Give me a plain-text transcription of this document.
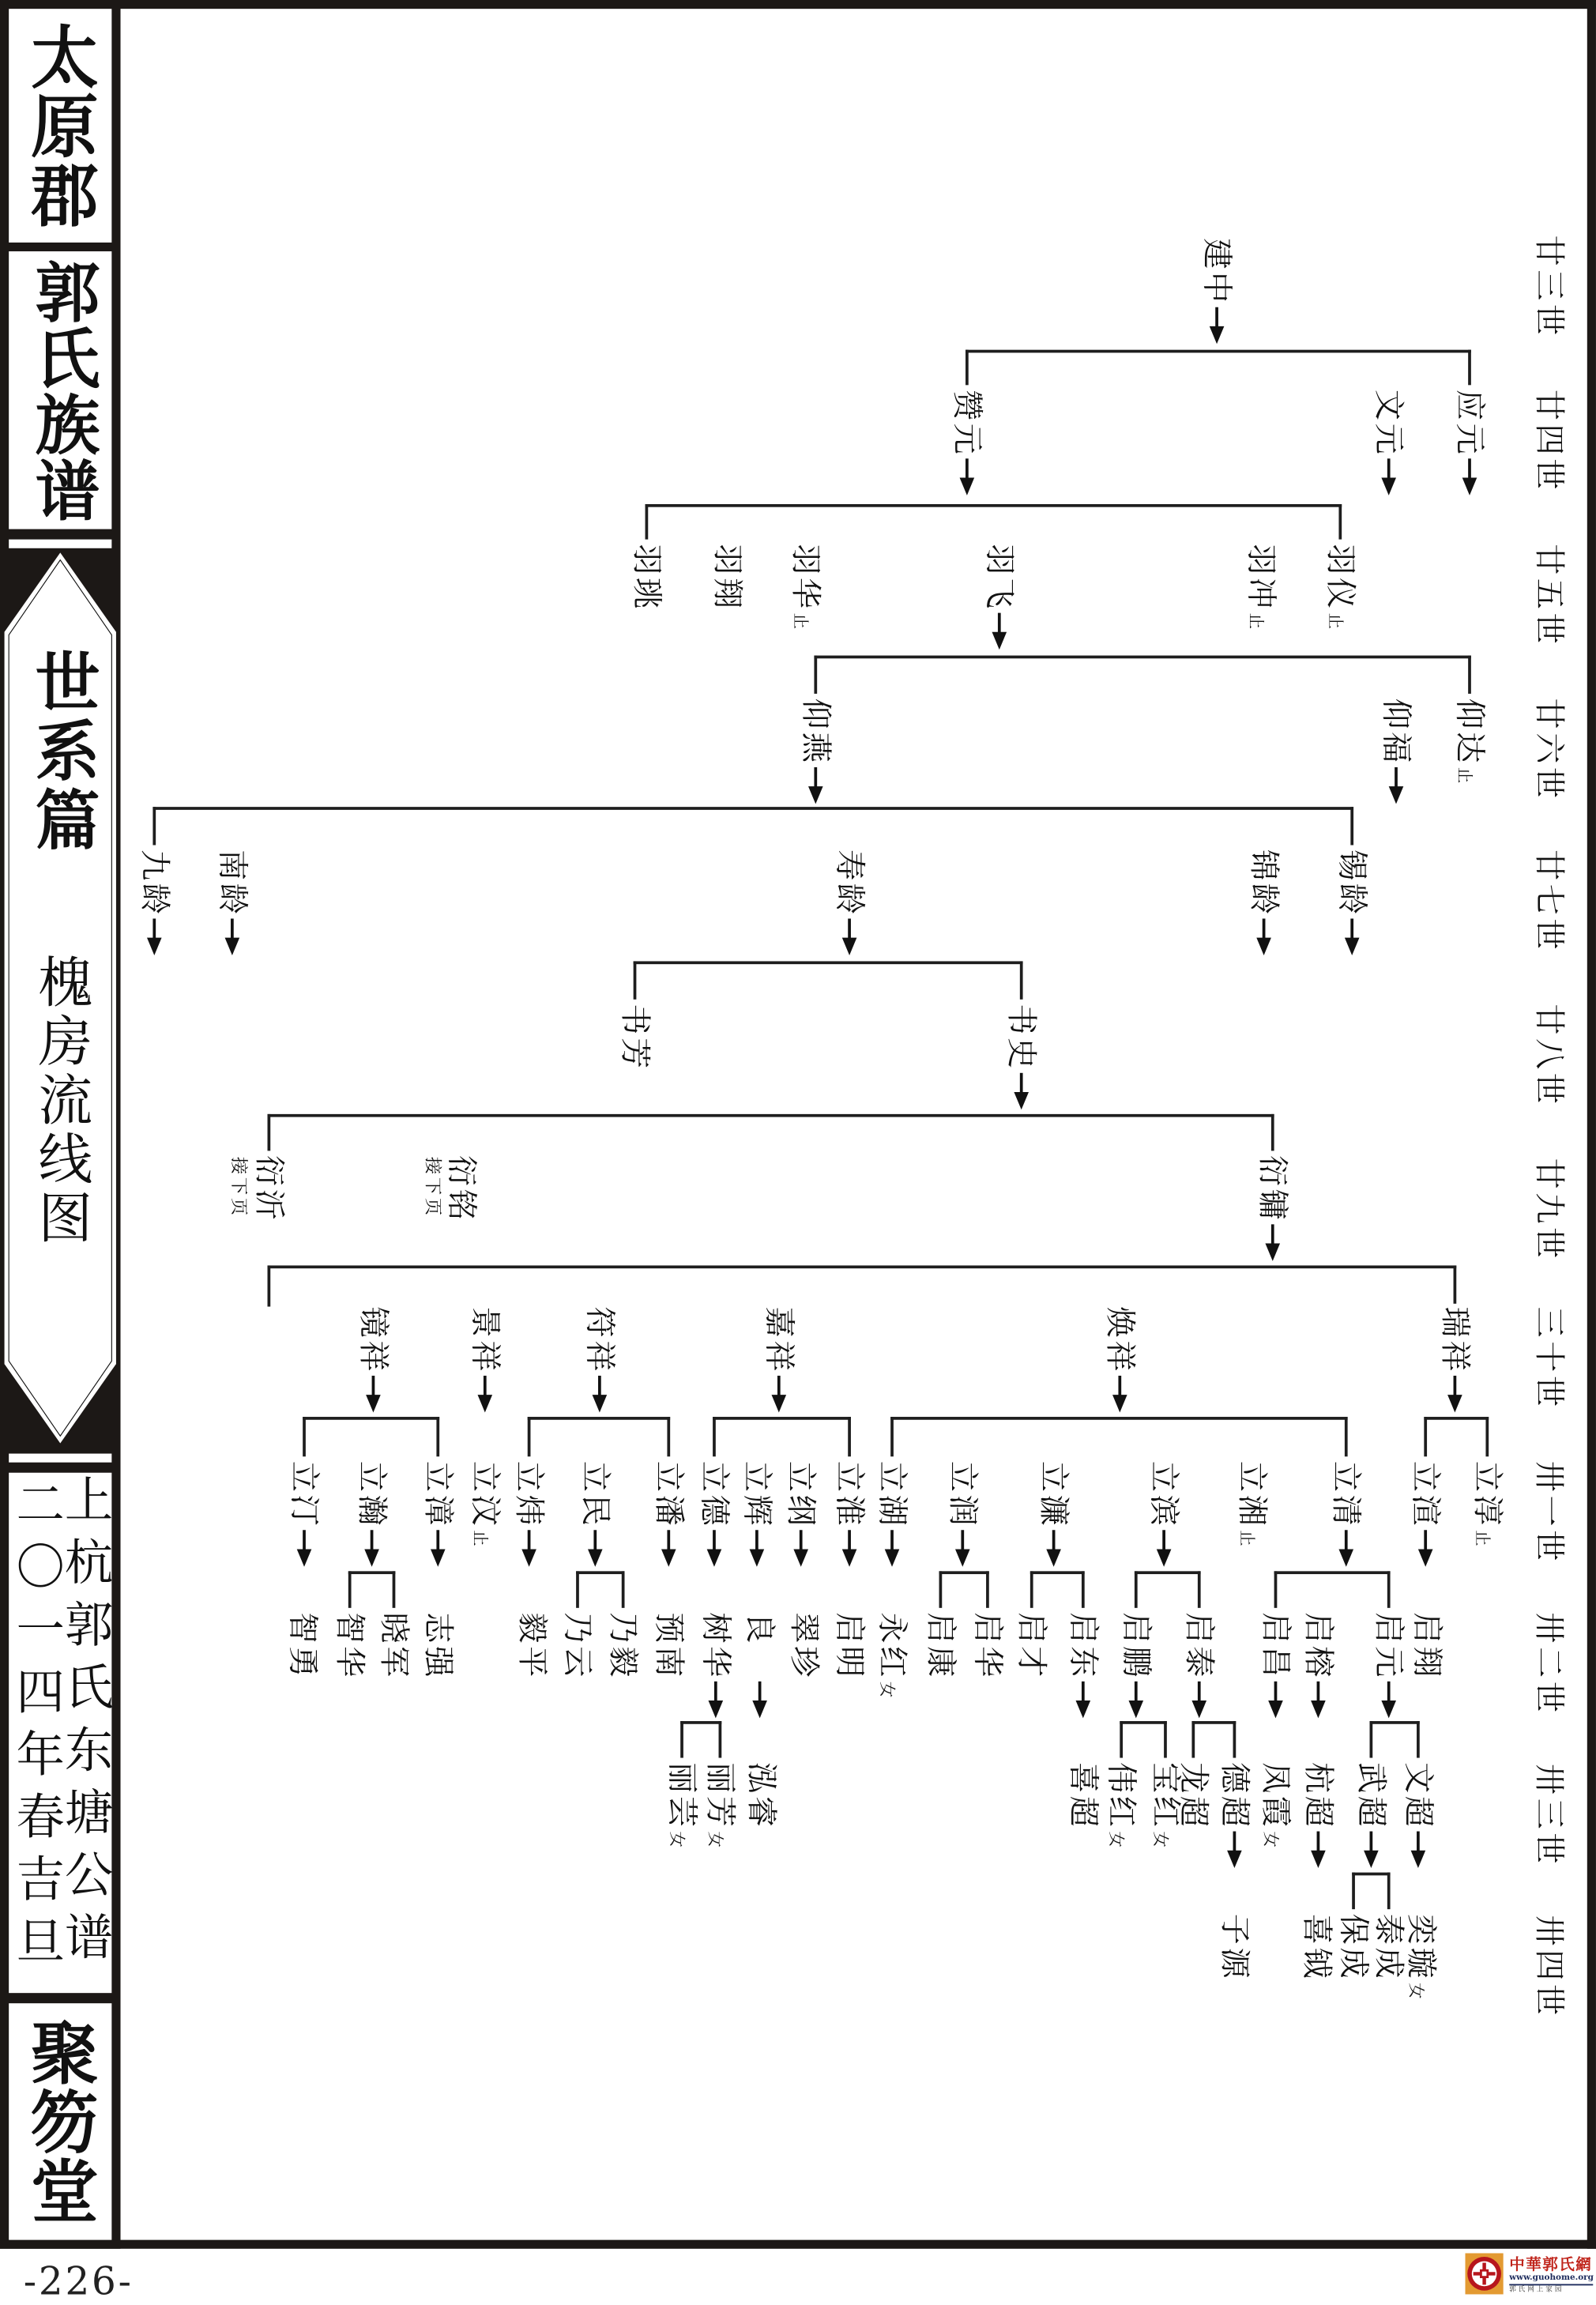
太原郡
郭氏族谱
世系篇
槐房流线图
上杭郭氏东塘公谱
二〇一四年春吉旦
聚笏堂
廿三世
廿四世
廿五世
廿六世
廿七世
廿八世
廿九世
三十世
卅一世
卅二世
卅三世
卅四世
建中
应元
文元
赞元
羽仪止
羽冲止
羽飞
羽华止
羽翔
羽珧
仰达止
仰福
仰燕
锡龄
锦龄
寿龄
南龄
九龄
书史
书芳
衍镛
衍铭
接下页
衍沂
接下页
瑞祥
焕祥
嘉祥
符祥
景祥
镜祥
立淳止
立渲
立清
立湘止
立滨
立濂
立润
立湖
立淮
立纲
立辉
立德
立潘
立民
立炜
立汶止
立漳
立瀚
立汀
启翔
启元
启榕
启昌
启泰
启鹏
启东
启才
启华
启康
永红女
启明
翠珍
良
树华
预南
乃毅
乃云
毅平
志强
晓军
智华
智勇
文超
武超
杭超
凤霞女
德超
龙超
宝红女
伟红女
喜超
泓睿
丽芳女
丽芸女
奕璇女
泰成
保成
喜钺
子源
-226-	中華郭氏網
www.guohome.org
郭氏网上家园
